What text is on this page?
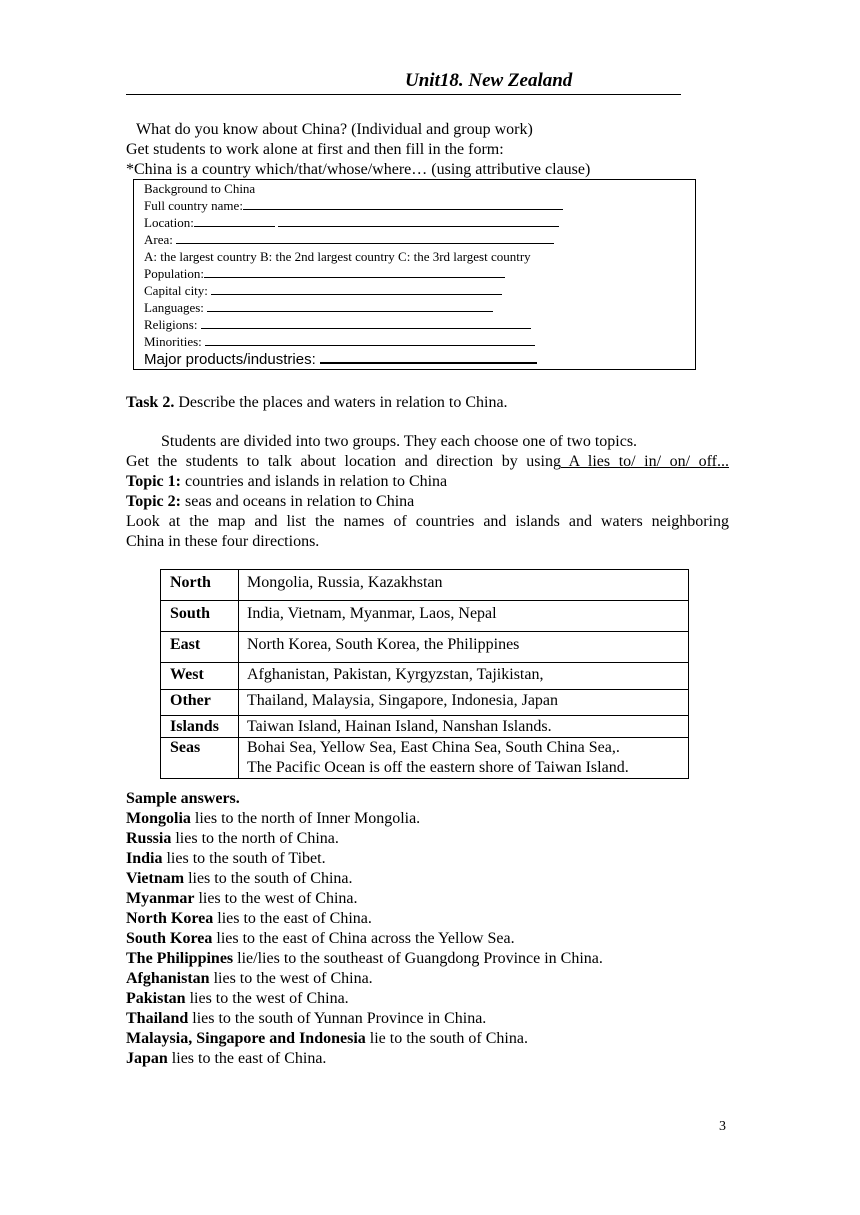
Unit18. New Zealand
What do you know about China? (Individual and group work)
Get students to work alone at first and then fill in the form:
*China is a country which/that/whose/where… (using attributive clause)
Background to China
Full country name:
Location:
Area:
A: the largest country B: the 2nd largest country C: the 3rd largest country
Population:
Capital city:
Languages:
Religions:
Minorities:
Major products/industries:
Task 2. Describe the places and waters in relation to China.
Students are divided into two groups. They each choose one of two topics.
Get the students to talk about location and direction by using A lies to/ in/ on/ off...
Topic 1: countries and islands in relation to China
Topic 2: seas and oceans in relation to China
Look at the map and list the names of countries and islands and waters neighboring
China in these four directions.
North	Mongolia, Russia, Kazakhstan
South	India, Vietnam, Myanmar, Laos, Nepal
East	North Korea, South Korea, the Philippines
West	Afghanistan, Pakistan, Kyrgyzstan, Tajikistan,
Other	Thailand, Malaysia, Singapore, Indonesia, Japan
Islands	Taiwan Island, Hainan Island, Nanshan Islands.
Seas	Bohai Sea, Yellow Sea, East China Sea, South China Sea,.
The Pacific Ocean is off the eastern shore of Taiwan Island.
Sample answers.
Mongolia lies to the north of Inner Mongolia.
Russia lies to the north of China.
India lies to the south of Tibet.
Vietnam lies to the south of China.
Myanmar lies to the west of China.
North Korea lies to the east of China.
South Korea lies to the east of China across the Yellow Sea.
The Philippines lie/lies to the southeast of Guangdong Province in China.
Afghanistan lies to the west of China.
Pakistan lies to the west of China.
Thailand lies to the south of Yunnan Province in China.
Malaysia, Singapore and Indonesia lie to the south of China.
Japan lies to the east of China.
3
